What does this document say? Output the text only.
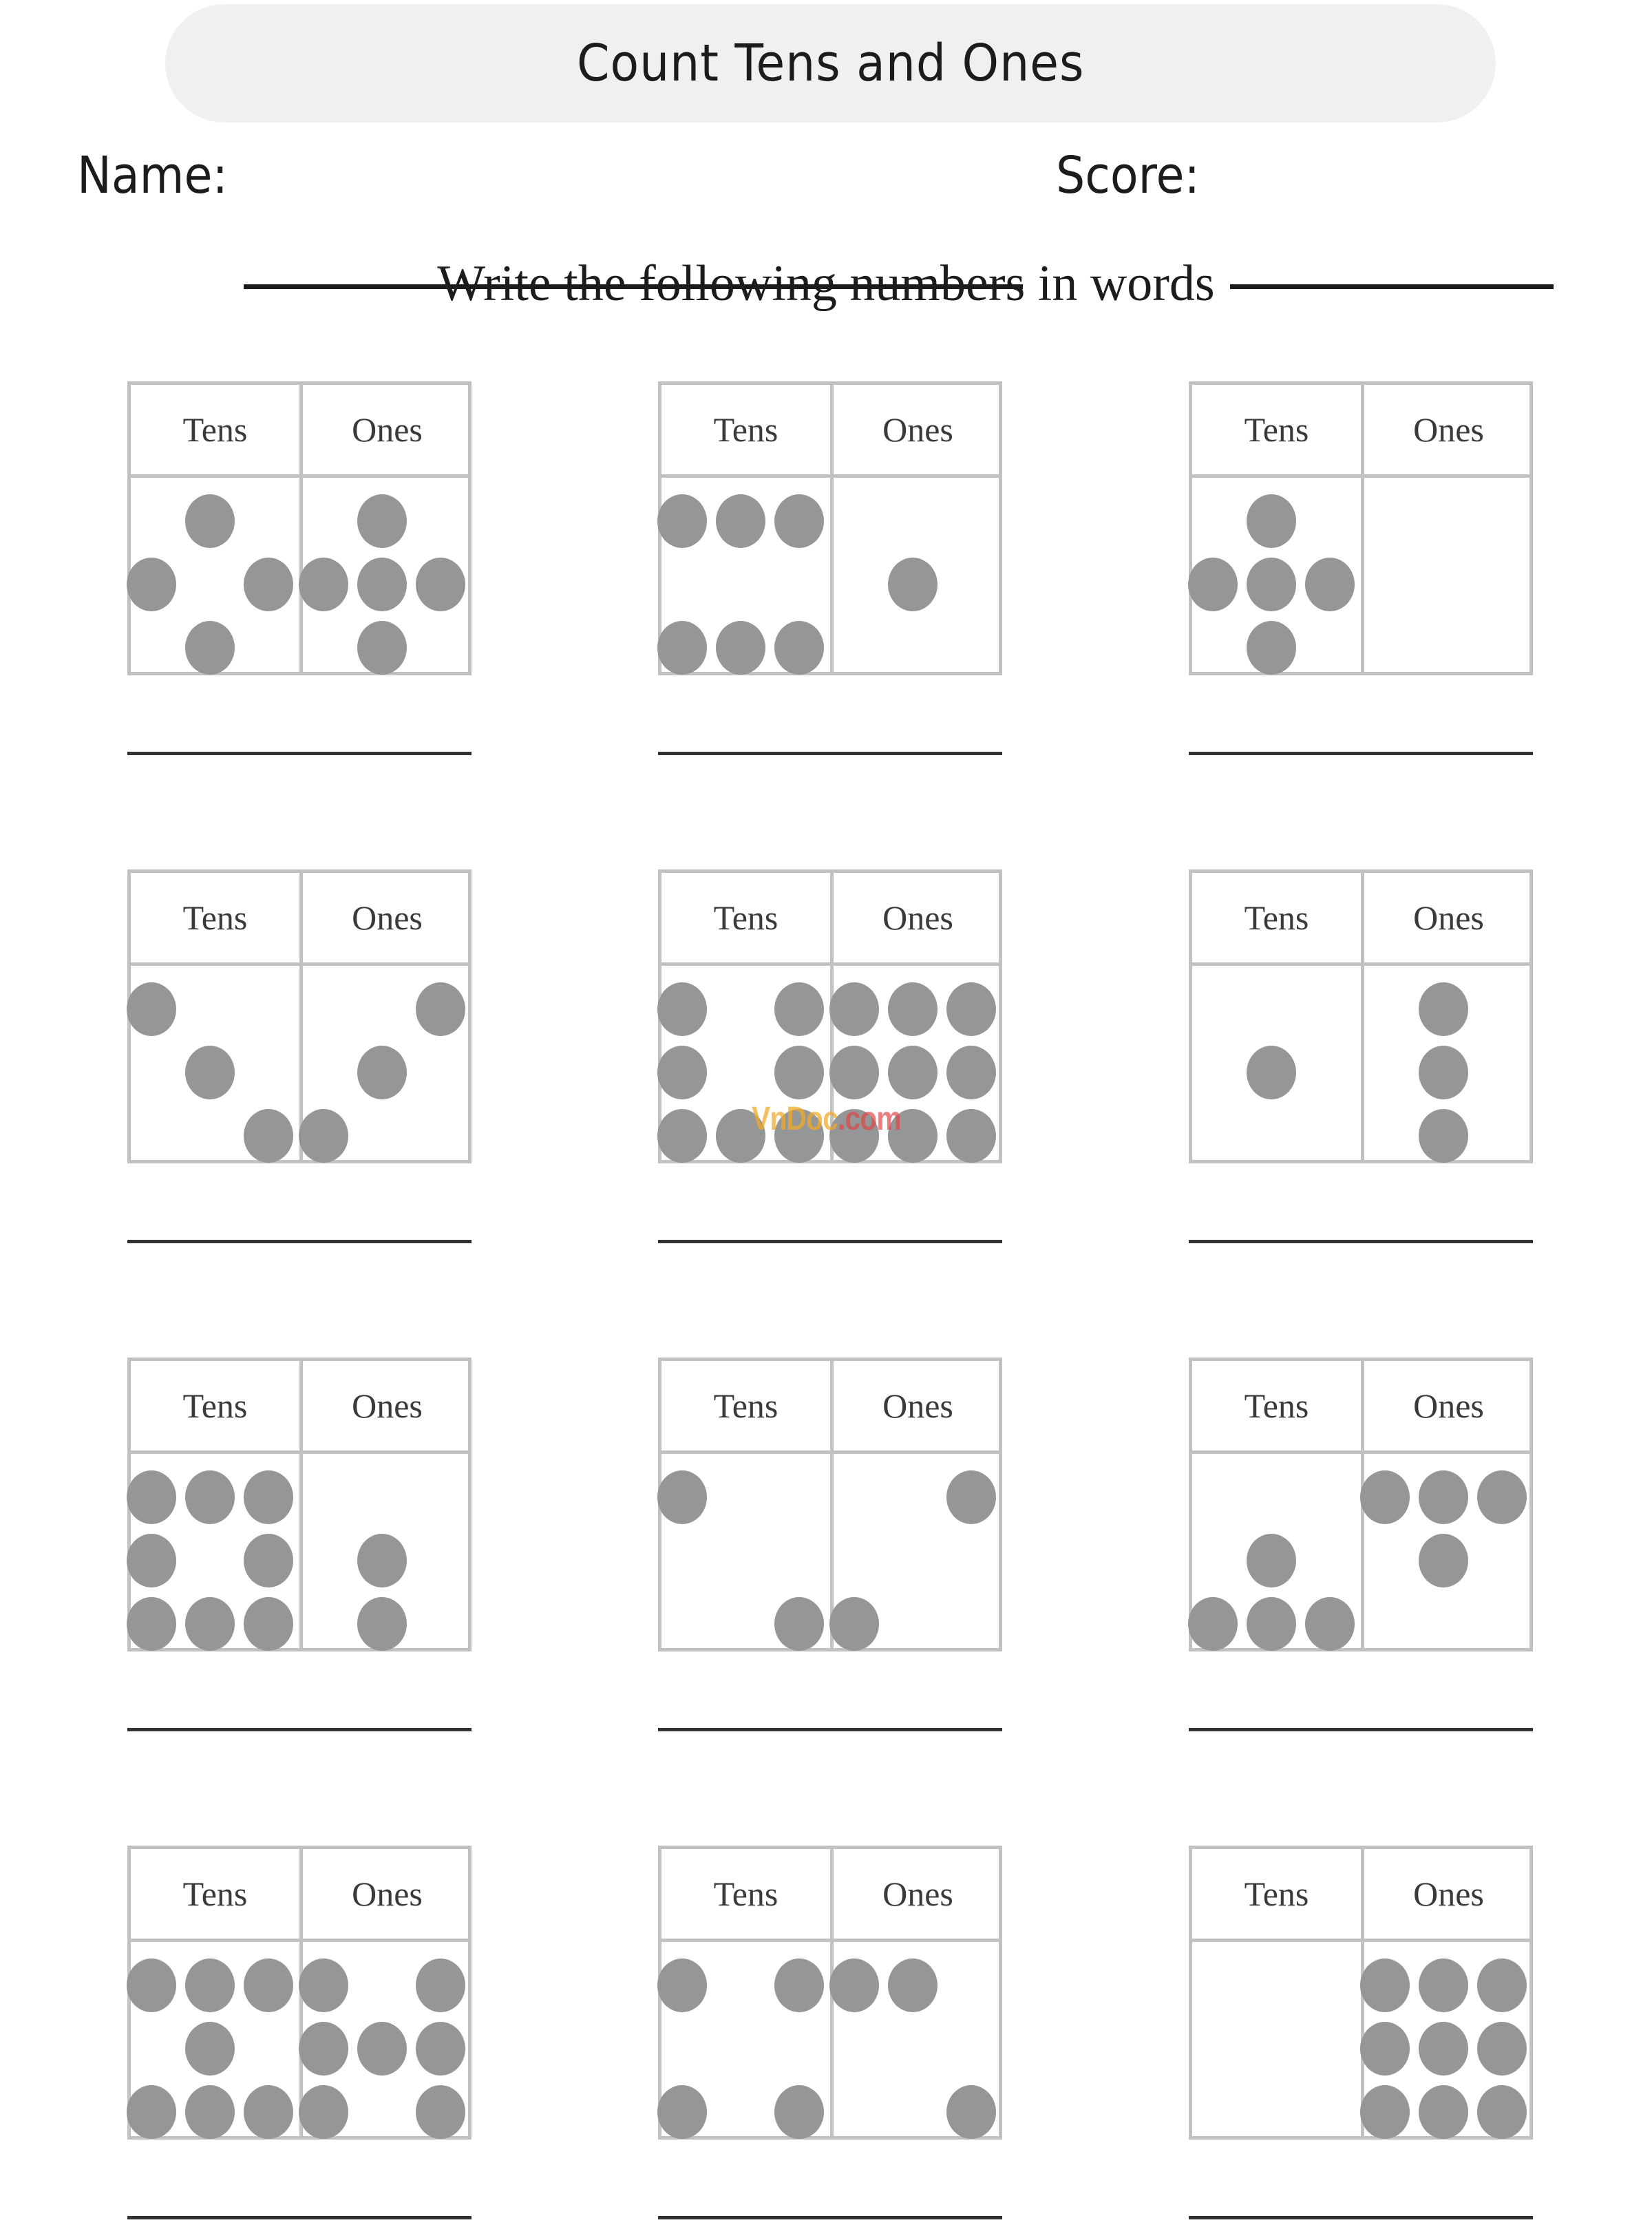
Count Tens and Ones
Name:	Score:
Write the following numbers in words
Tens	Ones	Tens	Ones	Tens	Ones
Tens	Ones	Tens	Ones	Tens	Ones
Tens	Ones	Tens	Ones	Tens	Ones
Tens	Ones	Tens	Ones	Tens	Ones
VnDoc.com
